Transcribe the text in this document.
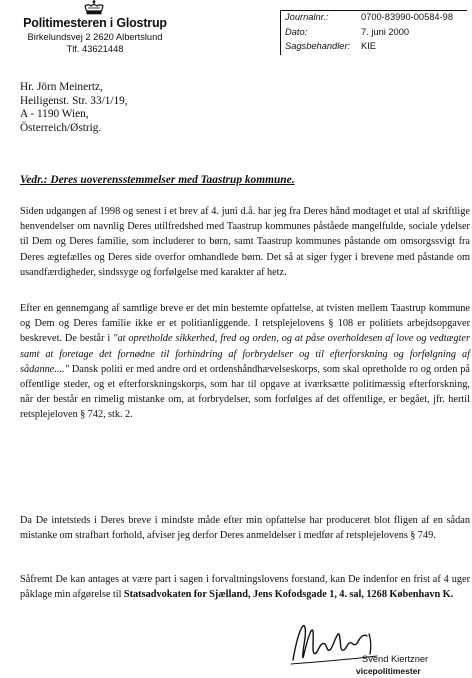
Politimesteren i Glostrup
Birkelundsvej 2 2620 Albertslund
Tlf. 43621448
Journalnr.:	0700-83990-00584-98
Dato:	7. juni 2000
Sagsbehandler: KIE
Hr. Jörn Meinertz,
Heiligenst. Str. 33/1/19,
A - 1190 Wien,
Österreich/Østrig.
Vedr.: Deres uoverensstemmelser med Taastrup kommune.
Siden udgangen af 1998 og senest i et brev af 4. juni d.å. har jeg fra Deres hånd modtaget et utal af skriftlige henvendelser om navnlig Deres utilfredshed med Taastrup kommunes påståede mangelfulde, sociale ydelser til Dem og Deres familie, som includerer to børn, samt Taastrup kommunes påstande om omsorgssvigt fra Deres ægtefælles og Deres side overfor omhandlede børn. Det så at siger fyger i brevene med påstande om usandfærdigheder, sindssyge og forfølgelse med karakter af hetz.
Efter en gennemgang af samtlige breve er det min bestemte opfattelse, at tvisten mellem Taastrup kommune og Dem og Deres familie ikke er et politianliggende. I retsplejelovens § 108 er politiets arbejdsopgaver beskrevet. De består i "at opretholde sikkerhed, fred og orden, og at påse overholdesen af love og vedtægter samt at foretage det fornødne til forhindring af forbrydelser og til efterforskning og forfølgning af sådanne...." Dansk politi er med andre ord et ordenshåndhævelseskorps, som skal opretholde ro og orden på offentlige steder, og et efterforskningskorps, som har til opgave at iværksætte politimæssig efterforskning, når der består en rimelig mistanke om, at forbrydelser, som forfølges af det offentlige, er begået, jfr. hertil retsplejeloven § 742, stk. 2.
Da De intetsteds i Deres breve i mindste måde efter min opfattelse har produceret blot fligen af en sådan mistanke om strafbart forhold, afviser jeg derfor Deres anmeldelser i medfør af retsplejelovens § 749.
Såfremt De kan antages at være part i sagen i forvaltningslovens forstand, kan De indenfor en frist af 4 uger påklage min afgørelse til Statsadvokaten for Sjælland, Jens Kofodsgade 1, 4. sal, 1268 København K.
Svend Kiertzner
vicepolitimester
